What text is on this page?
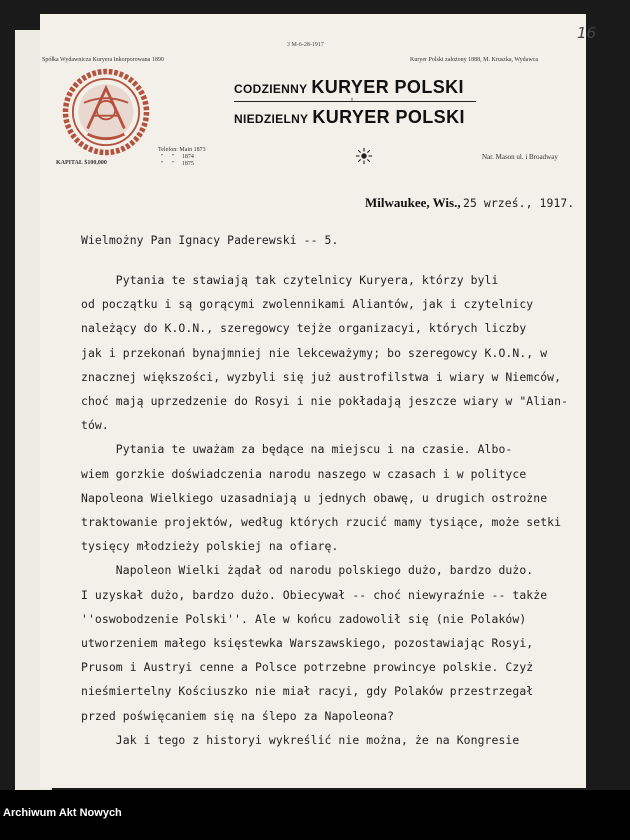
3 M-6-28-1917
16
Spółka Wydawnicza Kuryera Inkorporowana 1890	Kuryer Polski założony 1888, M. Kruszka, Wydawca
CODZIENNY KURYER POLSKI
I
NIEDZIELNY KURYER POLSKI
KAPITAŁ $100,000
Telefon: Main 1873
''      ''     1874
''      ''     1875
Nar. Mason ul. i Broadway
Milwaukee, Wis., 25 wrześ., 1917.
Wielmożny Pan Ignacy Paderewski -- 5.
Pytania te stawiają tak czytelnicy Kuryera, którzy byli
od początku i są gorącymi zwolennikami Aliantów, jak i czytelnicy
należący do K.O.N., szeregowcy tejże organizacyi, których liczby
jak i przekonań bynajmniej nie lekceważymy; bo szeregowcy K.O.N., w
znacznej większości, wyzbyli się już austrofilstwa i wiary w Niemców,
choć mają uprzedzenie do Rosyi i nie pokładają jeszcze wiary w "Alian-
tów.
Pytania te uważam za będące na miejscu i na czasie. Albo-
wiem gorzkie doświadczenia narodu naszego w czasach i w polityce
Napoleona Wielkiego uzasadniają u jednych obawę, u drugich ostrożne
traktowanie projektów, według których rzucić mamy tysiące, może setki
tysięcy młodzieży polskiej na ofiarę.
Napoleon Wielki żądał od narodu polskiego dużo, bardzo dużo.
I uzyskał dużo, bardzo dużo. Obiecywał -- choć niewyraźnie -- także
''oswobodzenie Polski''. Ale w końcu zadowolił się (nie Polaków)
utworzeniem małego księstewka Warszawskiego, pozostawiając Rosyi,
Prusom i Austryi cenne a Polsce potrzebne prowincye polskie. Czyż
nieśmiertelny Kościuszko nie miał racyi, gdy Polaków przestrzegał
przed poświęcaniem się na ślepo za Napoleona?
Jak i tego z historyi wykreślić nie można, że na Kongresie
Archiwum Akt Nowych
